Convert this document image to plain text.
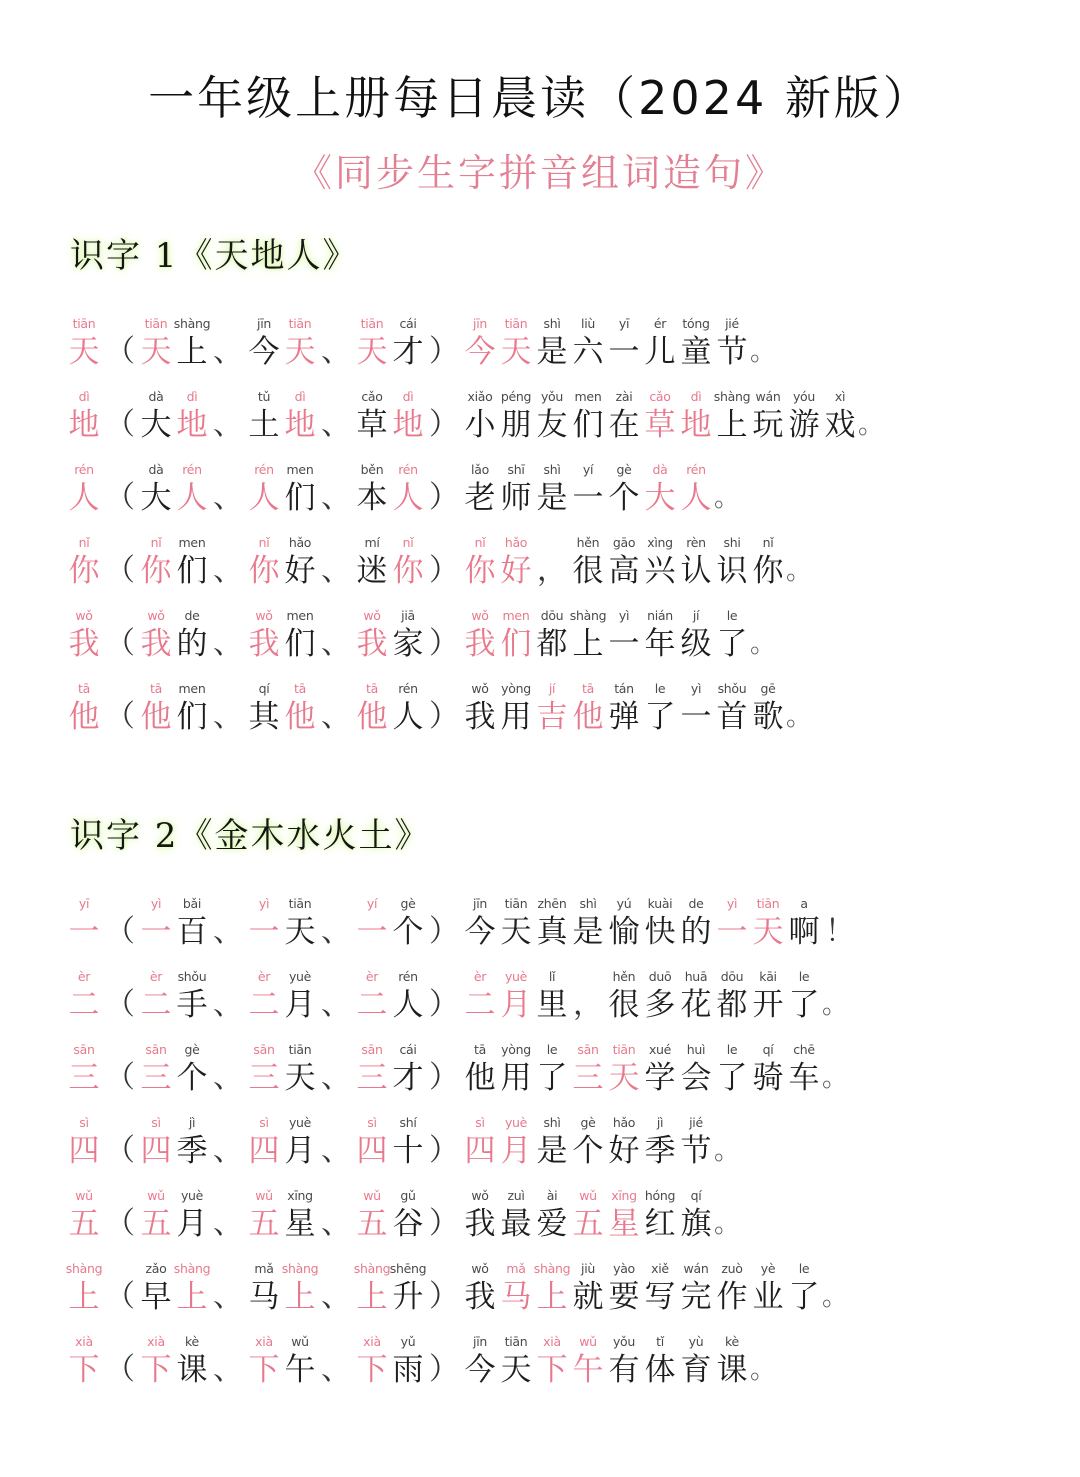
一年级上册每日晨读（2024 新版）
《同步生字拼音组词造句》
识字 1《天地人》
tiān
天 （
tiān
天
shàng
上 、
jīn
今
tiān
天 、
tiān
天
cái
才 ）
jīn
今
tiān
天
shì
是
liù
六
yī
一
ér
儿
tóng
童
jié
节 。
dì
地 （
dà
大
dì
地 、
tǔ
土
dì
地 、
cǎo
草
dì
地 ）
xiǎo
小
péng
朋
yǒu
友
men
们
zài
在
cǎo
草
dì
地
shàng
上
wán
玩
yóu
游
xì
戏 。
rén
人 （
dà
大
rén
人 、
rén
人
men
们 、
běn
本
rén
人 ）
lǎo
老
shī
师
shì
是
yí
一
gè
个
dà
大
rén
人 。
nǐ
你 （
nǐ
你
men
们 、
nǐ
你
hǎo
好 、
mí
迷
nǐ
你 ）
nǐ
你
hǎo
好 ，
hěn
很
gāo
高
xìng
兴
rèn
认
shi
识
nǐ
你 。
wǒ
我 （
wǒ
我
de
的 、
wǒ
我
men
们 、
wǒ
我
jiā
家 ）
wǒ
我
men
们
dōu
都
shàng
上
yì
一
nián
年
jí
级
le
了 。
tā
他 （
tā
他
men
们 、
qí
其
tā
他 、
tā
他
rén
人 ）
wǒ
我
yòng
用
jí
吉
tā
他
tán
弹
le
了
yì
一
shǒu
首
gē
歌 。
识字 2《金木水火土》
yī
一 （
yì
一
bǎi
百 、
yì
一
tiān
天 、
yí
一
gè
个 ）
jīn
今
tiān
天
zhēn
真
shì
是
yú
愉
kuài
快
de
的
yì
一
tiān
天
a
啊 ！
èr
二 （
èr
二
shǒu
手 、
èr
二
yuè
月 、
èr
二
rén
人 ）
èr
二
yuè
月
lǐ
里 ，
hěn
很
duō
多
huā
花
dōu
都
kāi
开
le
了 。
sān
三 （
sān
三
gè
个 、
sān
三
tiān
天 、
sān
三
cái
才 ）
tā
他
yòng
用
le
了
sān
三
tiān
天
xué
学
huì
会
le
了
qí
骑
chē
车 。
sì
四 （
sì
四
jì
季 、
sì
四
yuè
月 、
sì
四
shí
十 ）
sì
四
yuè
月
shì
是
gè
个
hǎo
好
jì
季
jié
节 。
wǔ
五 （
wǔ
五
yuè
月 、
wǔ
五
xīng
星 、
wǔ
五
gǔ
谷 ）
wǒ
我
zuì
最
ài
爱
wǔ
五
xīng
星
hóng
红
qí
旗 。
shàng
上 （
zǎo
早
shàng
上 、
mǎ
马
shàng
上 、
shàng
上
shēng
升 ）
wǒ
我
mǎ
马
shàng
上
jiù
就
yào
要
xiě
写
wán
完
zuò
作
yè
业
le
了 。
xià
下 （
xià
下
kè
课 、
xià
下
wǔ
午 、
xià
下
yǔ
雨 ）
jīn
今
tiān
天
xià
下
wǔ
午
yǒu
有
tǐ
体
yù
育
kè
课 。
